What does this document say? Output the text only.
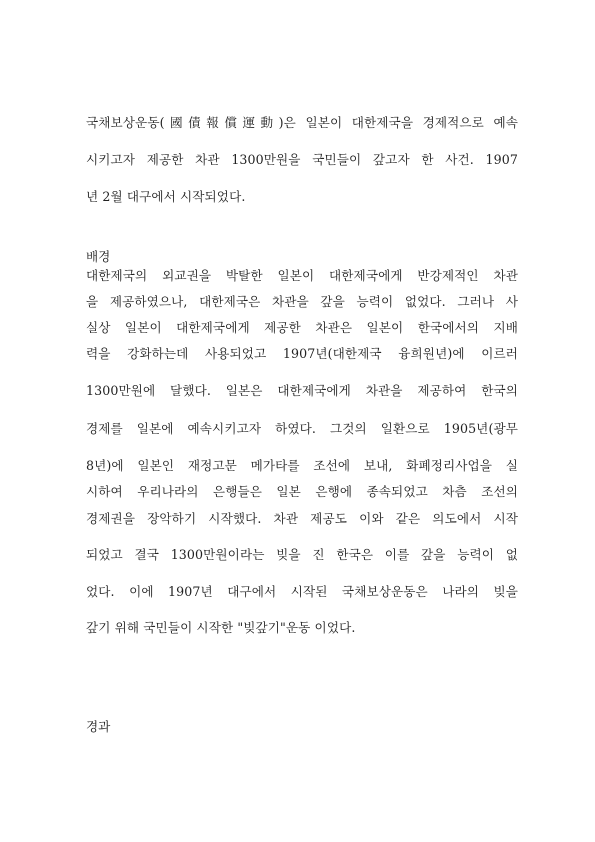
국채보상운동(國債報償運動)은 일본이 대한제국을 경제적으로 예속
시키고자 제공한 차관 1300만원을 국민들이 갚고자 한 사건. 1907
년 2월 대구에서 시작되었다.
배경
대한제국의 외교권을 박탈한 일본이 대한제국에게 반강제적인 차관
을 제공하였으나, 대한제국은 차관을 갚을 능력이 없었다. 그러나 사
실상 일본이 대한제국에게 제공한 차관은 일본이 한국에서의 지배
력을 강화하는데 사용되었고 1907년(대한제국 융희원년)에 이르러
1300만원에 달했다. 일본은 대한제국에게 차관을 제공하여 한국의
경제를 일본에 예속시키고자 하였다. 그것의 일환으로 1905년(광무
8년)에 일본인 재정고문 메가타를 조선에 보내, 화폐정리사업을 실
시하여 우리나라의 은행들은 일본 은행에 종속되었고 차츰 조선의
경제권을 장악하기 시작했다. 차관 제공도 이와 같은 의도에서 시작
되었고 결국 1300만원이라는 빚을 진 한국은 이를 갚을 능력이 없
었다. 이에 1907년 대구에서 시작된 국채보상운동은 나라의 빚을
갚기 위해 국민들이 시작한 "빚갚기"운동 이었다.
경과
